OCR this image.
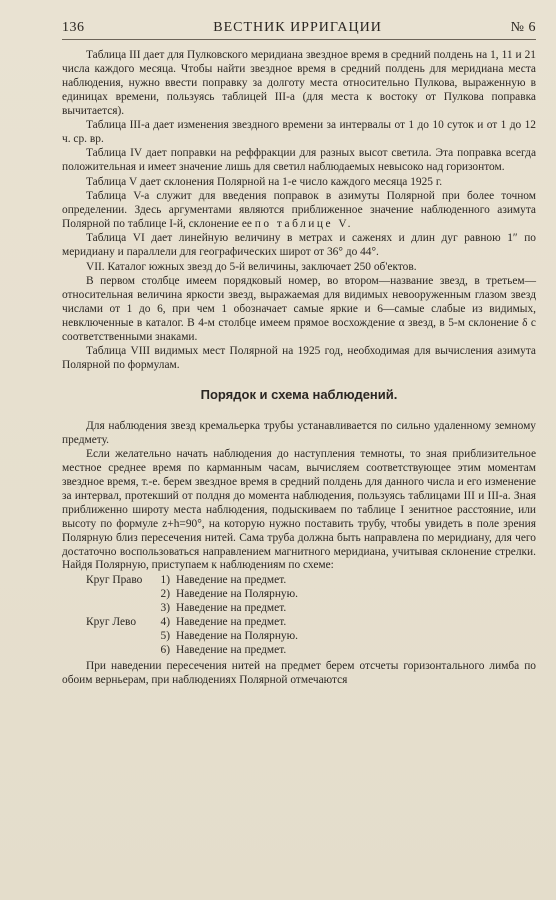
136	ВЕСТНИК ИРРИГАЦИИ	№ 6

Таблица III дает для Пулковского меридиана звездное время в средний полдень на 1, 11 и 21 числа каждого месяца. Чтобы найти звездное время в средний полдень для меридиана места наблюдения, нужно ввести поправку за долготу места относительно Пулкова, выраженную в единицах времени, пользуясь таблицей III-a (для места к востоку от Пулкова поправка вычитается).

Таблица III-a дает изменения звездного времени за интервалы от 1 до 10 суток и от 1 до 12 ч. ср. вр.

Таблица IV дает поправки на реффракции для разных высот светила. Эта поправка всегда положительная и имеет значение лишь для светил наблюдаемых невысоко над горизонтом.

Таблица V дает склонения Полярной на 1-е число каждого месяца 1925 г.

Таблица V-a служит для введения поправок в азимуты Полярной при более точном определении. Здесь аргументами являются приближенное значение наблюденного азимута Полярной по таблице I-й, склонение ее по таблице V.

Таблица VI дает линейную величину в метрах и саженях и длин дуг равною 1″ по меридиану и параллели для географических широт от 36° до 44°.

VII. Каталог южных звезд до 5-й величины, заключает 250 об'ектов.

В первом столбце имеем порядковый номер, во втором—название звезд, в третьем—относительная величина яркости звезд, выражаемая для видимых невооруженным глазом звезд числами от 1 до 6, при чем 1 обозначает самые яркие и 6—самые слабые из видимых, невключенные в каталог. В 4-м столбце имеем прямое восхождение α звезд, в 5-м склонение δ с соответственными знаками.

Таблица VIII видимых мест Полярной на 1925 год, необходимая для вычисления азимута Полярной по формулам.

Порядок и схема наблюдений.

Для наблюдения звезд кремальерка трубы устанавливается по сильно удаленному земному предмету.

Если желательно начать наблюдения до наступления темноты, то зная приблизительное местное среднее время по карманным часам, вычисляем соответствующее этим моментам звездное время, т.-е. берем звездное время в средний полдень для данного числа и его изменение за интервал, протекший от полдня до момента наблюдения, пользуясь таблицами III и III-a. Зная приближенно широту места наблюдения, подыскиваем по таблице I зенитное расстояние, или высоту по формуле z+h=90°, на которую нужно поставить трубу, чтобы увидеть в поле зрения Полярную близ пересечения нитей. Сама труба должна быть направлена по меридиану, для чего достаточно воспользоваться направлением магнитного меридиана, учитывая склонение стрелки. Найдя Полярную, приступаем к наблюдениям по схеме:

Круг Право	1) Наведение на предмет.
2) Наведение на Полярную.
3) Наведение на предмет.
Круг Лево	4) Наведение на предмет.
5) Наведение на Полярную.
6) Наведение на предмет.

При наведении пересечения нитей на предмет берем отсчеты горизонтального лимба по обоим верньерам, при наблюдениях Полярной отмечаются
